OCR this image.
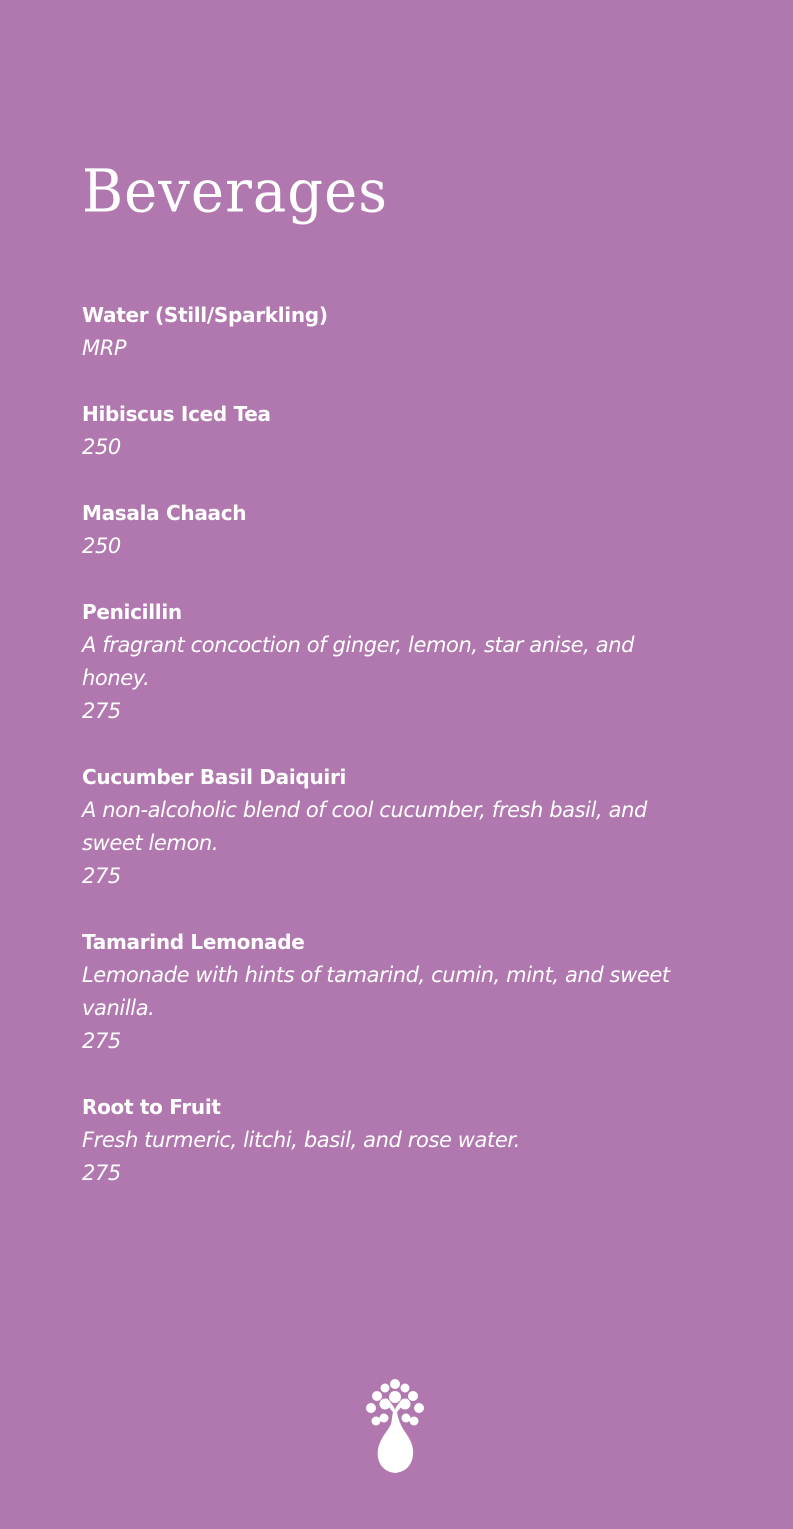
Beverages
Water (Still/Sparkling)
MRP
Hibiscus Iced Tea
250
Masala Chaach
250
Penicillin
A fragrant concoction of ginger, lemon, star anise, and honey.
275
Cucumber Basil Daiquiri
A non-alcoholic blend of cool cucumber, fresh basil, and sweet lemon.
275
Tamarind Lemonade
Lemonade with hints of tamarind, cumin, mint, and sweet vanilla.
275
Root to Fruit
Fresh turmeric, litchi, basil, and rose water.
275
